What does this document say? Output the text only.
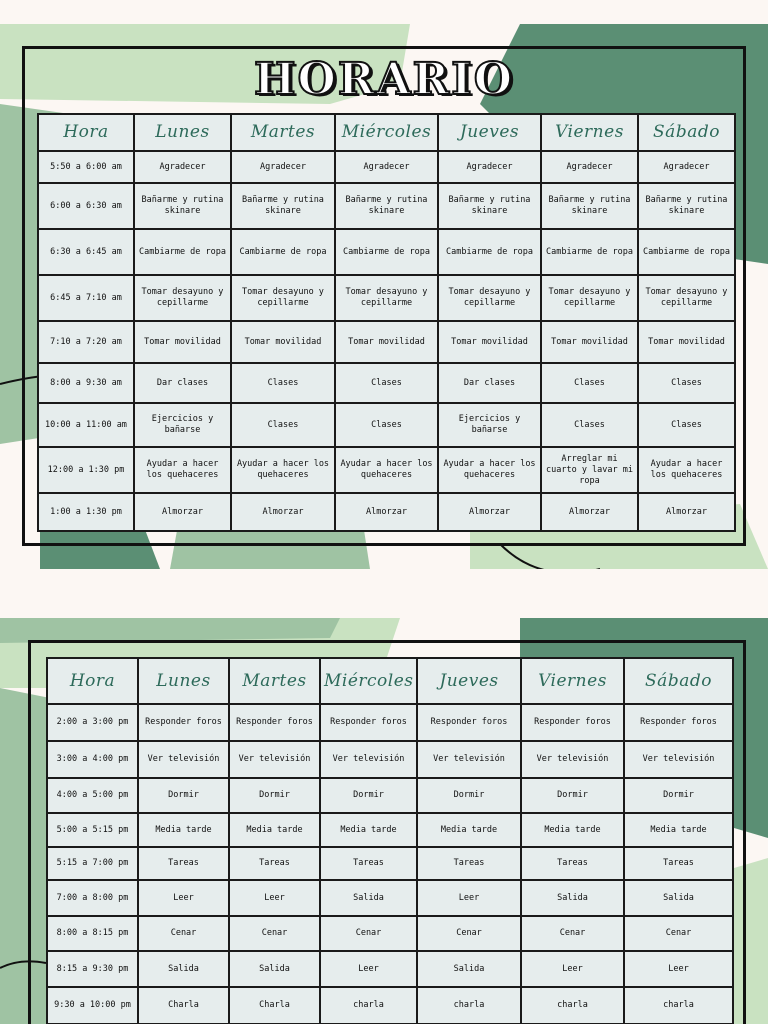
HORARIO
Hora	Lunes	Martes	Miércoles	Jueves	Viernes	Sábado
5:50 a 6:00 am	Agradecer	Agradecer	Agradecer	Agradecer	Agradecer	Agradecer
6:00 a 6:30 am	Bañarme y rutina skinare	Bañarme y rutina skinare	Bañarme y rutina skinare	Bañarme y rutina skinare	Bañarme y rutina skinare	Bañarme y rutina skinare
6:30 a 6:45 am	Cambiarme de ropa	Cambiarme de ropa	Cambiarme de ropa	Cambiarme de ropa	Cambiarme de ropa	Cambiarme de ropa
6:45 a 7:10 am	Tomar desayuno y cepillarme	Tomar desayuno y cepillarme	Tomar desayuno y cepillarme	Tomar desayuno y cepillarme	Tomar desayuno y cepillarme	Tomar desayuno y cepillarme
7:10 a 7:20 am	Tomar movilidad	Tomar movilidad	Tomar movilidad	Tomar movilidad	Tomar movilidad	Tomar movilidad
8:00 a 9:30 am	Dar clases	Clases	Clases	Dar clases	Clases	Clases
10:00 a 11:00 am	Ejercicios y bañarse	Clases	Clases	Ejercicios y bañarse	Clases	Clases
12:00 a 1:30 pm	Ayudar a hacer los quehaceres	Ayudar a hacer los quehaceres	Ayudar a hacer los quehaceres	Ayudar a hacer los quehaceres	Arreglar mi cuarto y lavar mi ropa	Ayudar a hacer los quehaceres
1:00 a 1:30 pm	Almorzar	Almorzar	Almorzar	Almorzar	Almorzar	Almorzar
Hora	Lunes	Martes	Miércoles	Jueves	Viernes	Sábado
2:00 a 3:00 pm	Responder foros	Responder foros	Responder foros	Responder foros	Responder foros	Responder foros
3:00 a 4:00 pm	Ver televisión	Ver televisión	Ver televisión	Ver televisión	Ver televisión	Ver televisión
4:00 a 5:00 pm	Dormir	Dormir	Dormir	Dormir	Dormir	Dormir
5:00 a 5:15 pm	Media tarde	Media tarde	Media tarde	Media tarde	Media tarde	Media tarde
5:15 a 7:00 pm	Tareas	Tareas	Tareas	Tareas	Tareas	Tareas
7:00 a 8:00 pm	Leer	Leer	Salida	Leer	Salida	Salida
8:00 a 8:15 pm	Cenar	Cenar	Cenar	Cenar	Cenar	Cenar
8:15 a 9:30 pm	Salida	Salida	Leer	Salida	Leer	Leer
9:30 a 10:00 pm	Charla	Charla	charla	charla	charla	charla
